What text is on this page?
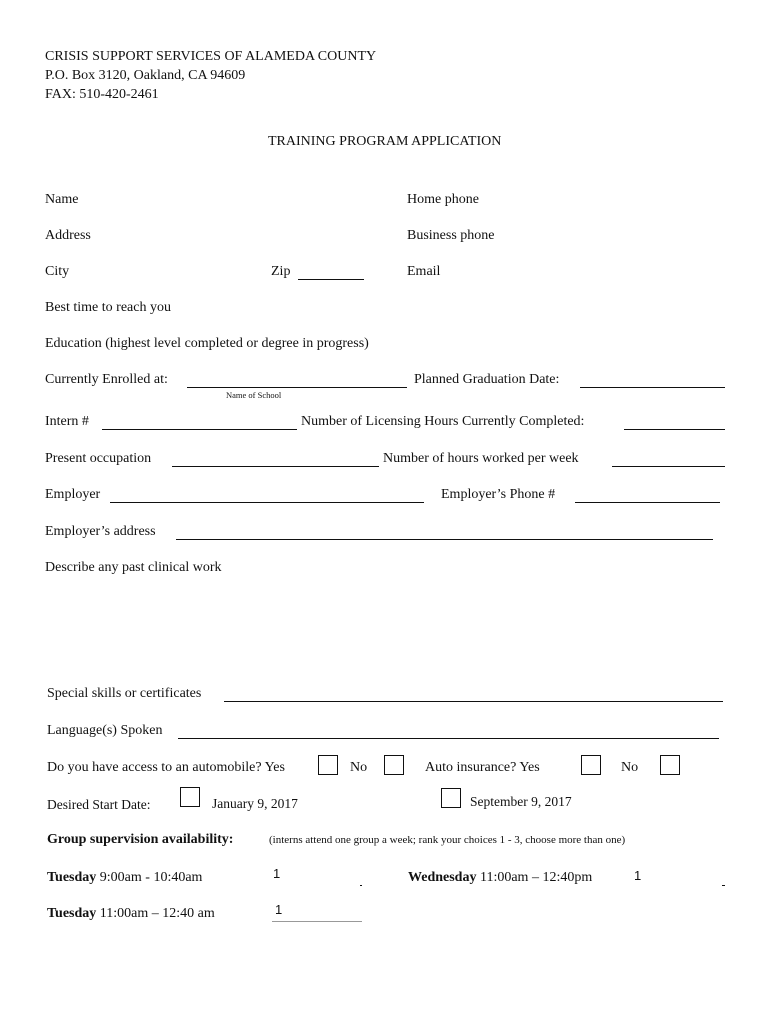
CRISIS SUPPORT SERVICES OF ALAMEDA COUNTY
P.O. Box 3120, Oakland, CA 94609
FAX: 510-420-2461
TRAINING PROGRAM APPLICATION
Name	Home phone
Address	Business phone
City	Zip	Email
Best time to reach you
Education (highest level completed or degree in progress)
Currently Enrolled at:
Name of School
Planned Graduation Date:
Intern #	Number of Licensing Hours Currently Completed:
Present occupation	Number of hours worked per week
Employer	Employer’s Phone #
Employer’s address
Describe any past clinical work
Special skills or certificates
Language(s) Spoken
Do you have access to an automobile? Yes	No	Auto insurance? Yes	No
Desired Start Date:	January 9, 2017	September 9, 2017
Group supervision availability:	(interns attend one group a week; rank your choices 1 - 3, choose more than one)
Tuesday 9:00am - 10:40am	1	Wednesday 11:00am – 12:40pm	1
Tuesday 11:00am – 12:40 am	1
